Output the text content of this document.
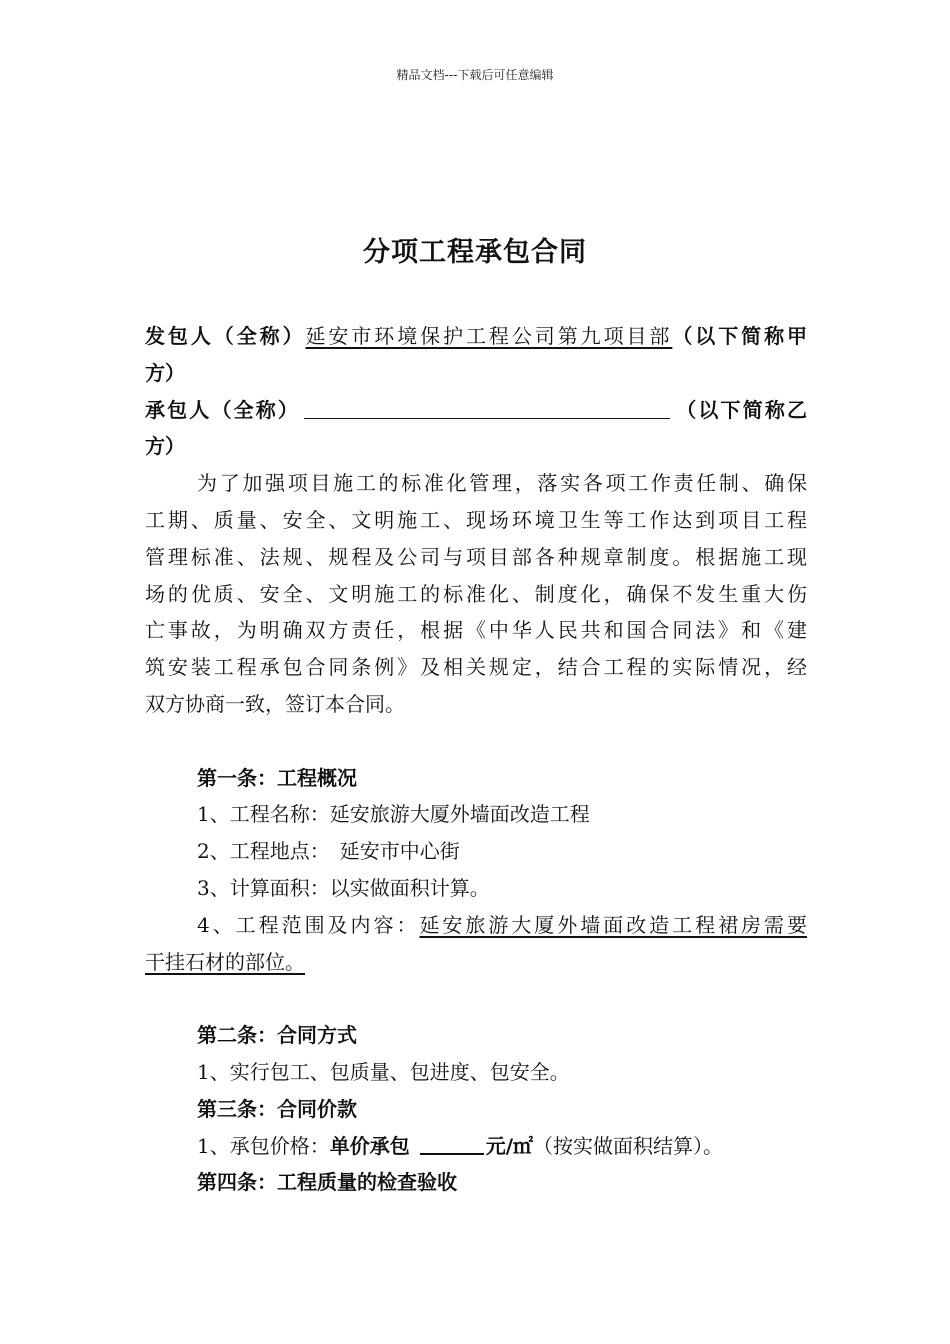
精品文档---下载后可任意编辑
分项工程承包合同

发包人（全称）延安市环境保护工程公司第九项目部（以下简称甲

方）

承包人（全称）	（以下简称乙

方）

为了加强项目施工的标准化管理，落实各项工作责任制、确保

工期、质量、安全、文明施工、现场环境卫生等工作达到项目工程

管理标准、法规、规程及公司与项目部各种规章制度。根据施工现

场的优质、安全、文明施工的标准化、制度化，确保不发生重大伤

亡事故，为明确双方责任，根据《中华人民共和国合同法》和《建

筑安装工程承包合同条例》及相关规定，结合工程的实际情况，经

双方协商一致，签订本合同。

第一条：工程概况

1、工程名称：延安旅游大厦外墙面改造工程

2、工程地点：　延安市中心街

3、计算面积：以实做面积计算。

4、工程范围及内容：延安旅游大厦外墙面改造工程裙房需要

干挂石材的部位。

第二条：合同方式

1、实行包工、包质量、包进度、包安全。

第三条：合同价款

1、承包价格：单价承包	元/㎡（按实做面积结算）。

第四条：工程质量的检查验收
